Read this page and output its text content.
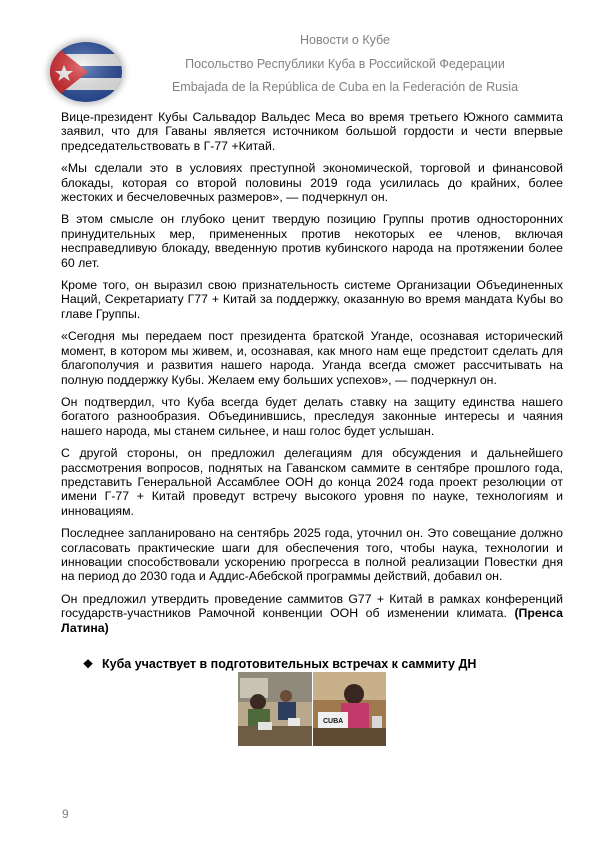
Новости о Кубе
Посольство Республики Куба в Российской Федерации
Embajada de la República de Cuba en la Federación de Rusia

Вице-президент Кубы Сальвадор Вальдес Меса во время третьего Южного саммита заявил, что для Гаваны является источником большой гордости и чести впервые председательствовать в Г-77 +Китай.

«Мы сделали это в условиях преступной экономической, торговой и финансовой блокады, которая со второй половины 2019 года усилилась до крайних, более жестоких и бесчеловечных размеров», — подчеркнул он.

В этом смысле он глубоко ценит твердую позицию Группы против односторонних принудительных мер, примененных против некоторых ее членов, включая несправедливую блокаду, введенную против кубинского народа на протяжении более 60 лет.

Кроме того, он выразил свою признательность системе Организации Объединенных Наций, Секретариату Г77 + Китай за поддержку, оказанную во время мандата Кубы во главе Группы.

«Сегодня мы передаем пост президента братской Уганде, осознавая исторический момент, в котором мы живем, и, осознавая, как много нам еще предстоит сделать для благополучия и развития нашего народа. Уганда всегда сможет рассчитывать на полную поддержку Кубы. Желаем ему больших успехов», — подчеркнул он.

Он подтвердил, что Куба всегда будет делать ставку на защиту единства нашего богатого разнообразия. Объединившись, преследуя законные интересы и чаяния нашего народа, мы станем сильнее, и наш голос будет услышан.

С другой стороны, он предложил делегациям для обсуждения и дальнейшего рассмотрения вопросов, поднятых на Гаванском саммите в сентябре прошлого года, представить Генеральной Ассамблее ООН до конца 2024 года проект резолюции от имени Г-77 + Китай проведут встречу высокого уровня по науке, технологиям и инновациям.

Последнее запланировано на сентябрь 2025 года, уточнил он. Это совещание должно согласовать практические шаги для обеспечения того, чтобы наука, технологии и инновации способствовали ускорению прогресса в полной реализации Повестки дня на период до 2030 года и Аддис-Абебской программы действий, добавил он.

Он предложил утвердить проведение саммитов G77 + Китай в рамках конференций государств-участников Рамочной конвенции ООН об изменении климата. (Пренса Латина)

❖ Куба участвует в подготовительных встречах к саммиту ДН
CUBA
9
